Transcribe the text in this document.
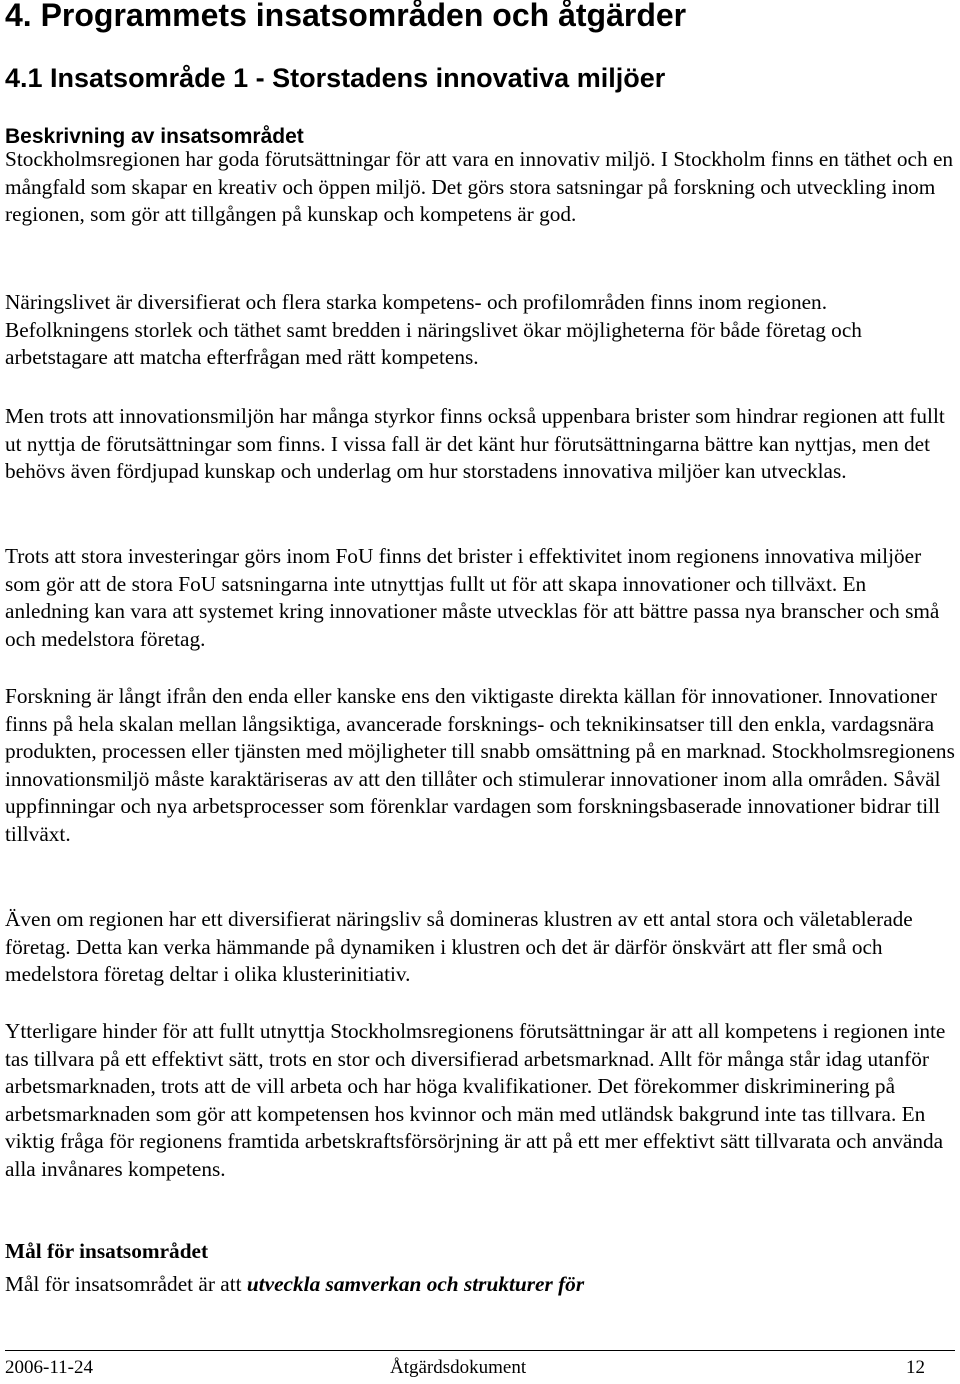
4. Programmets insatsområden och åtgärder
4.1 Insatsområde 1 - Storstadens innovativa miljöer
Beskrivning av insatsområdet

Stockholmsregionen har goda förutsättningar för att vara en innovativ miljö. I Stockholm finns en täthet och en mångfald som skapar en kreativ och öppen miljö. Det görs stora satsningar på forskning och utveckling inom regionen, som gör att tillgången på kunskap och kompetens är god.

Näringslivet är diversifierat och flera starka kompetens- och profilområden finns inom regionen. Befolkningens storlek och täthet samt bredden i näringslivet ökar möjligheterna för både företag och arbetstagare att matcha efterfrågan med rätt kompetens.

Men trots att innovationsmiljön har många styrkor finns också uppenbara brister som hindrar regionen att fullt ut nyttja de förutsättningar som finns. I vissa fall är det känt hur förutsättningarna bättre kan nyttjas, men det behövs även fördjupad kunskap och underlag om hur storstadens innovativa miljöer kan utvecklas.

Trots att stora investeringar görs inom FoU finns det brister i effektivitet inom regionens innovativa miljöer som gör att de stora FoU satsningarna inte utnyttjas fullt ut för att skapa innovationer och tillväxt. En anledning kan vara att systemet kring innovationer måste utvecklas för att bättre passa nya branscher och små och medelstora företag.

Forskning är långt ifrån den enda eller kanske ens den viktigaste direkta källan för innovationer. Innovationer finns på hela skalan mellan långsiktiga, avancerade forsknings- och teknikinsatser till den enkla, vardagsnära produkten, processen eller tjänsten med möjligheter till snabb omsättning på en marknad. Stockholmsregionens innovationsmiljö måste karaktäriseras av att den tillåter och stimulerar innovationer inom alla områden. Såväl uppfinningar och nya arbetsprocesser som förenklar vardagen som forskningsbaserade innovationer bidrar till tillväxt.

Även om regionen har ett diversifierat näringsliv så domineras klustren av ett antal stora och väletablerade företag. Detta kan verka hämmande på dynamiken i klustren och det är därför önskvärt att fler små och medelstora företag deltar i olika klusterinitiativ.

Ytterligare hinder för att fullt utnyttja Stockholmsregionens förutsättningar är att all kompetens i regionen inte tas tillvara på ett effektivt sätt, trots en stor och diversifierad arbetsmarknad. Allt för många står idag utanför arbetsmarknaden, trots att de vill arbeta och har höga kvalifikationer. Det förekommer diskriminering på arbetsmarknaden som gör att kompetensen hos kvinnor och män med utländsk bakgrund inte tas tillvara. En viktig fråga för regionens framtida arbetskraftsförsörjning är att på ett mer effektivt sätt tillvarata och använda alla invånares kompetens.

Mål för insatsområdet

Mål för insatsområdet är att utveckla samverkan och strukturer för

2006-11-24	Åtgärdsdokument	12
